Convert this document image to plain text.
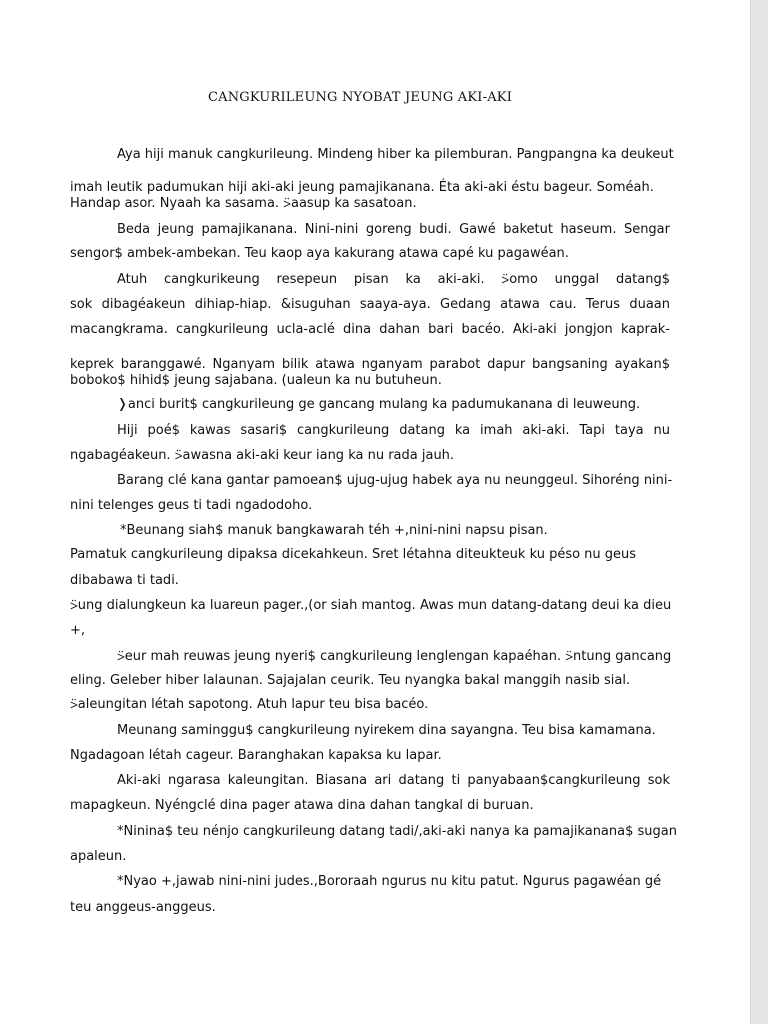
CANGKURILEUNG NYOBAT JEUNG AKI-AKI
Aya hiji manuk cangkurileung. Mindeng hiber ka pilemburan. Pangpangna ka deukeut
imah leutik padumukan hiji aki-aki jeung pamajikanana. Éta aki-aki éstu bageur. Soméah.
Handap asor. Nyaah ka sasama. ⍩aasup ka sasatoan.
Beda jeung pamajikanana. Nini-nini goreng budi. Gawé baketut haseum. Sengar
sengor$ ambek-ambekan. Teu kaop aya kakurang atawa capé ku pagawéan.
Atuh cangkurikeung resepeun pisan ka aki-aki. ⍩omo unggal datang$
sok dibagéakeun dihiap-hiap. &isuguhan saaya-aya. Gedang atawa cau. Terus duaan
macangkrama. cangkurileung ucla-aclé dina dahan bari bacéo. Aki-aki jongjon kaprak-
keprek baranggawé. Nganyam bilik atawa nganyam parabot dapur bangsaning ayakan$
boboko$ hihid$ jeung sajabana. (ualeun ka nu butuheun.
❭anci burit$ cangkurileung ge gancang mulang ka padumukanana di leuweung.
Hiji poé$ kawas sasari$ cangkurileung datang ka imah aki-aki. Tapi taya nu
ngabagéakeun. ⍩awasna aki-aki keur iang ka nu rada jauh.
Barang clé kana gantar pamoean$ ujug-ujug habek aya nu neunggeul. Sihoréng nini-
nini telenges geus ti tadi ngadodoho.
*Beunang siah$ manuk bangkawarah téh +,nini-nini napsu pisan.
Pamatuk cangkurileung dipaksa dicekahkeun. Sret létahna diteukteuk ku péso nu geus
dibabawa ti tadi.
⍩ung dialungkeun ka luareun pager.,(or siah mantog. Awas mun datang-datang deui ka dieu
+,
⍩eur mah reuwas jeung nyeri$ cangkurileung lenglengan kapaéhan. ⍩ntung gancang
eling. Geleber hiber lalaunan. Sajajalan ceurik. Teu nyangka bakal manggih nasib sial.
⍩aleungitan létah sapotong. Atuh lapur teu bisa bacéo.
Meunang saminggu$ cangkurileung nyirekem dina sayangna. Teu bisa kamamana.
Ngadagoan létah cageur. Baranghakan kapaksa ku lapar.
Aki-aki ngarasa kaleungitan. Biasana ari datang ti panyabaan$cangkurileung sok
mapagkeun. Nyéngclé dina pager atawa dina dahan tangkal di buruan.
*Ninina$ teu nénjo cangkurileung datang tadi/,aki-aki nanya ka pamajikanana$ sugan
apaleun.
*Nyao +,jawab nini-nini judes.,Bororaah ngurus nu kitu patut. Ngurus pagawéan gé
teu anggeus-anggeus.
